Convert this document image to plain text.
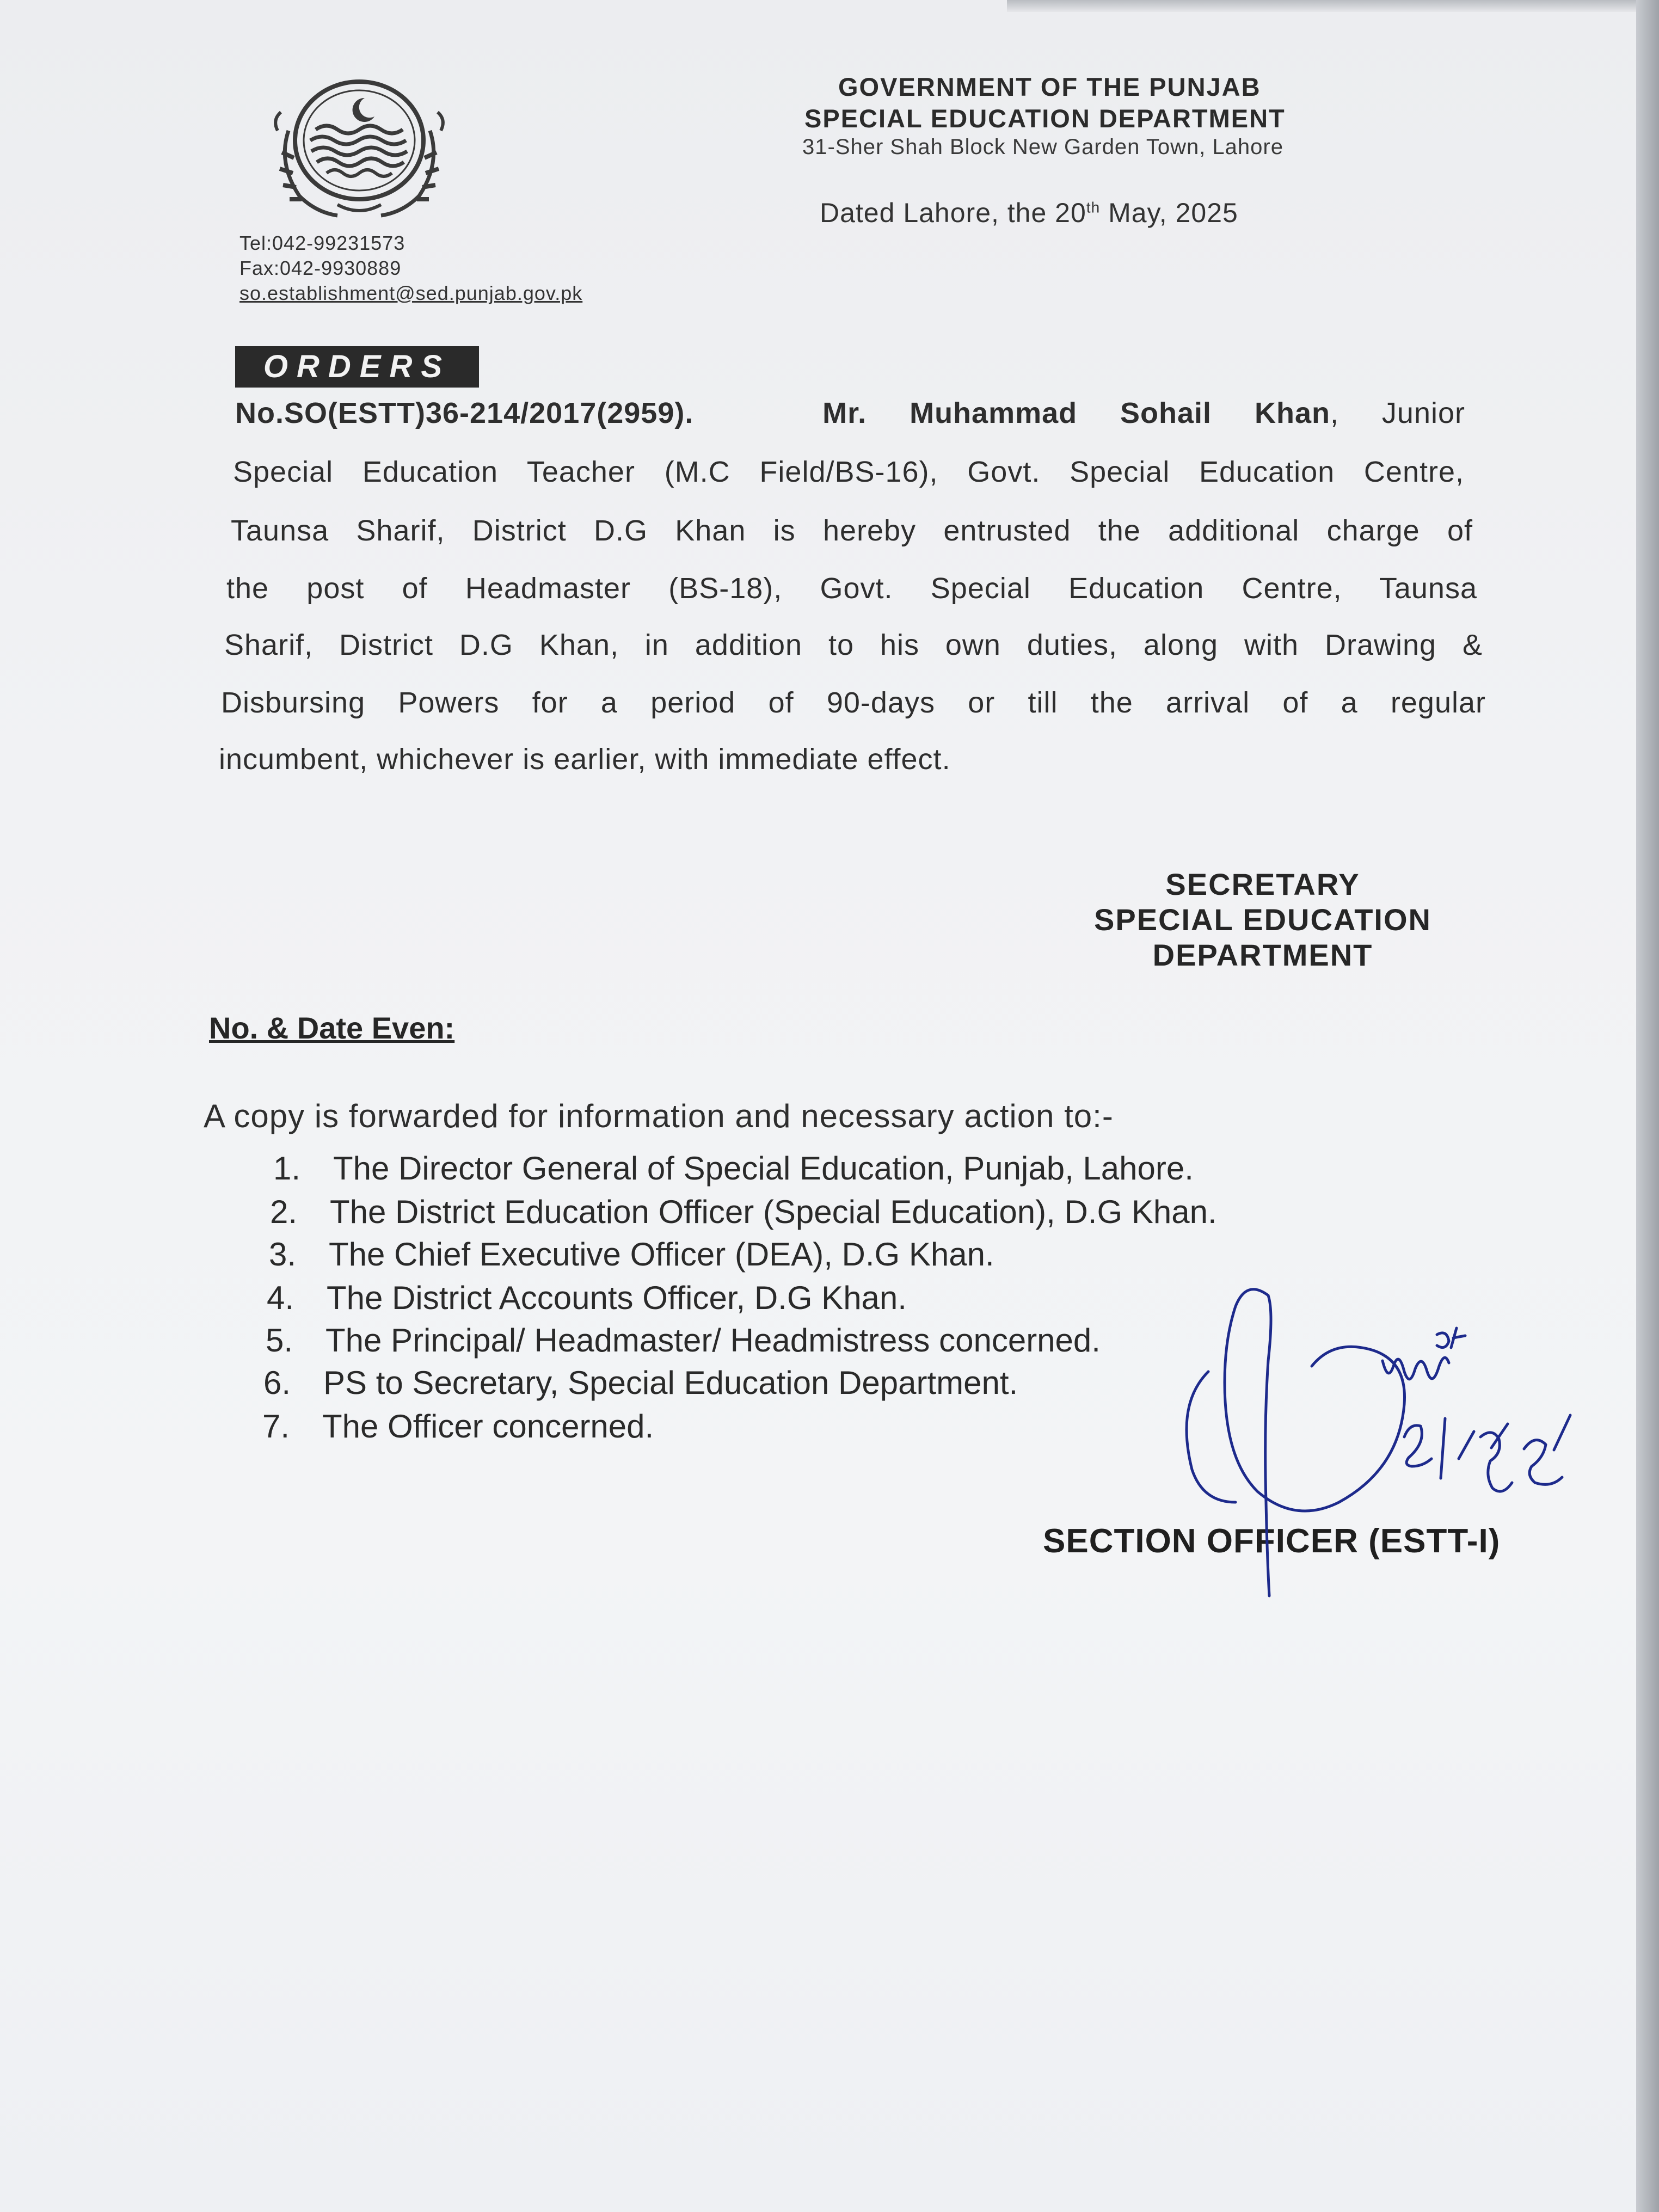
GOVERNMENT OF THE PUNJAB
SPECIAL EDUCATION DEPARTMENT
31-Sher Shah Block New Garden Town, Lahore
Dated Lahore, the 20th May, 2025
Tel:042-99231573
Fax:042-9930889
so.establishment@sed.punjab.gov.pk
ORDERS
No.SO(ESTT)36-214/2017(2959).	Mr. Muhammad Sohail Khan, Junior
Special Education Teacher (M.C Field/BS-16), Govt. Special Education Centre,
Taunsa Sharif, District D.G Khan is hereby entrusted the additional charge of
the post of Headmaster (BS-18), Govt. Special Education Centre, Taunsa
Sharif, District D.G Khan, in addition to his own duties, along with Drawing &
Disbursing Powers for a period of 90-days or till the arrival of a regular
incumbent, whichever is earlier, with immediate effect.
SECRETARY
SPECIAL EDUCATION
DEPARTMENT
No. & Date Even:
A copy is forwarded for information and necessary action to:-
1. The Director General of Special Education, Punjab, Lahore.
2. The District Education Officer (Special Education), D.G Khan.
3. The Chief Executive Officer (DEA), D.G Khan.
4. The District Accounts Officer, D.G Khan.
5. The Principal/ Headmaster/ Headmistress concerned.
6. PS to Secretary, Special Education Department.
7. The Officer concerned.
SECTION OFFICER (ESTT-I)
